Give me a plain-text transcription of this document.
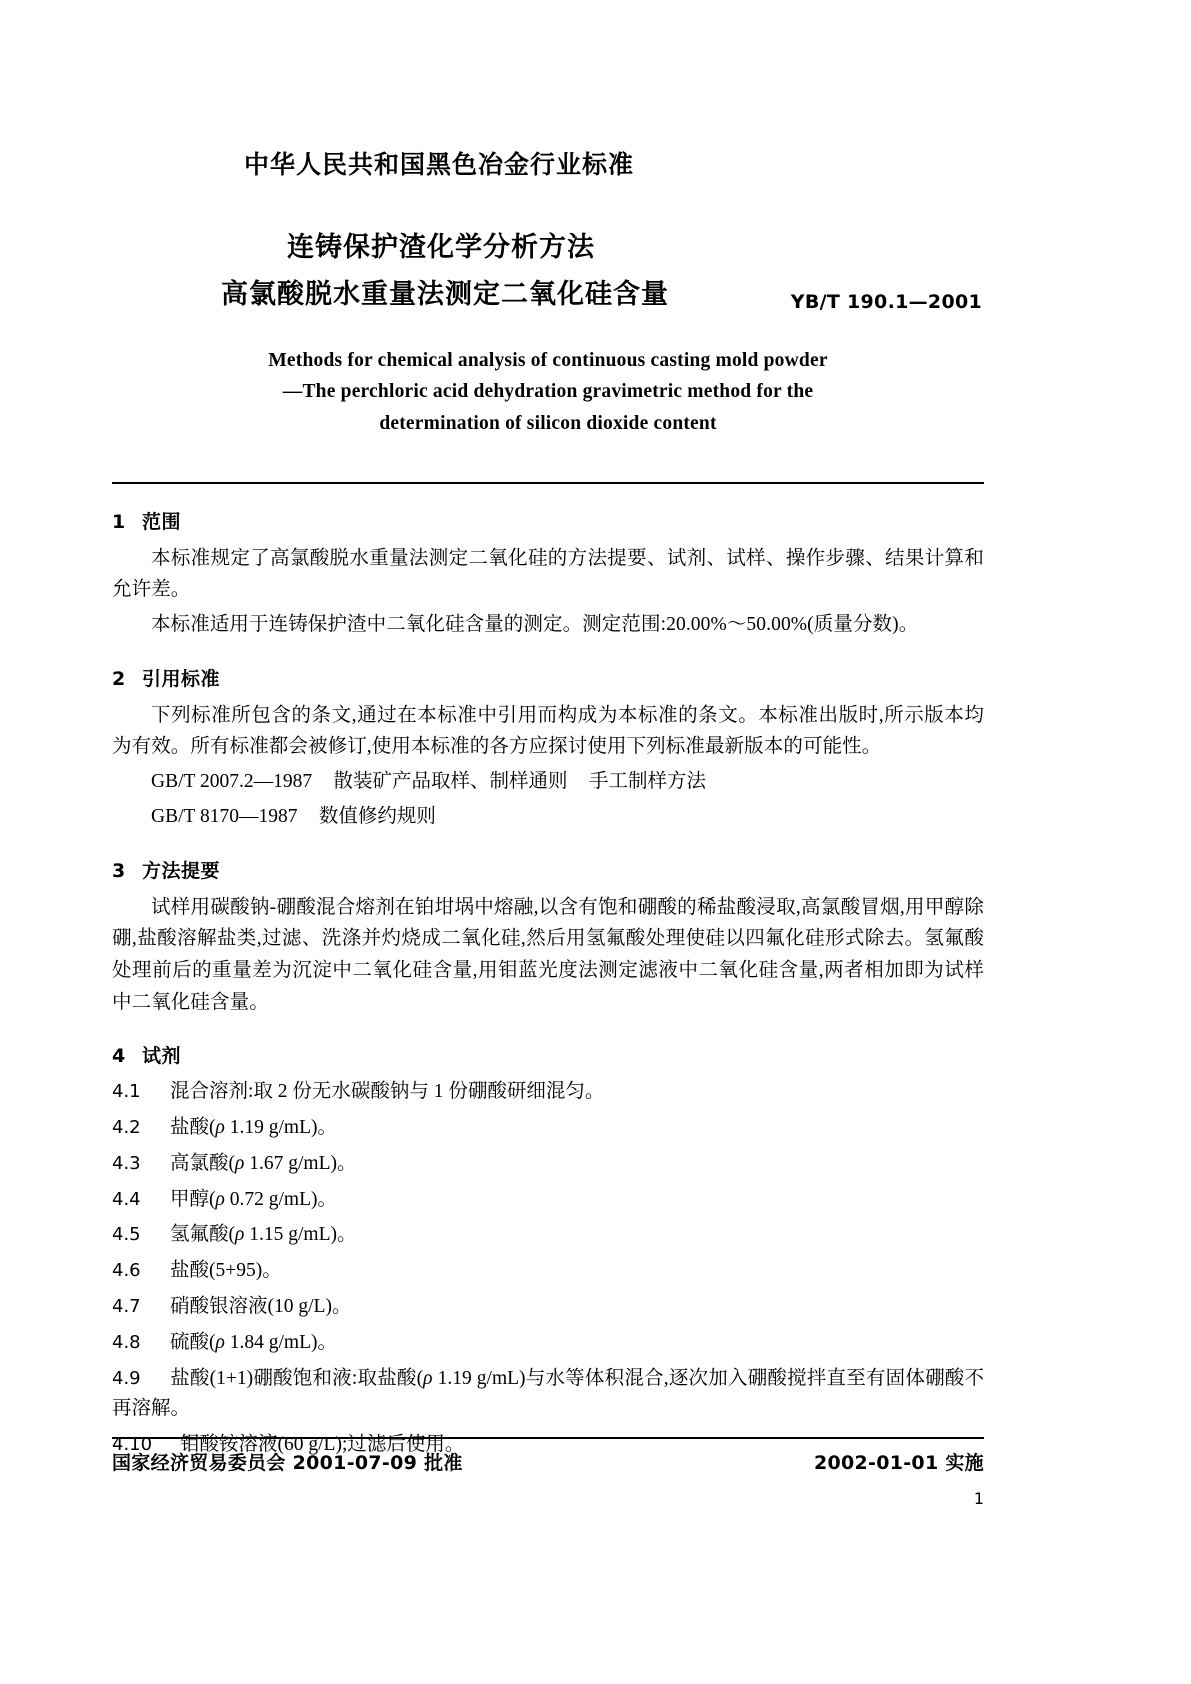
中华人民共和国黑色冶金行业标准
连铸保护渣化学分析方法
高氯酸脱水重量法测定二氧化硅含量	YB/T 190.1—2001
Methods for chemical analysis of continuous casting mold powder
—The perchloric acid dehydration gravimetric method for the
determination of silicon dioxide content
1 范围

本标准规定了高氯酸脱水重量法测定二氧化硅的方法提要、试剂、试样、操作步骤、结果计算和允许差。

本标准适用于连铸保护渣中二氧化硅含量的测定。测定范围:20.00%～50.00%(质量分数)。

2 引用标准

下列标准所包含的条文,通过在本标准中引用而构成为本标准的条文。本标准出版时,所示版本均为有效。所有标准都会被修订,使用本标准的各方应探讨使用下列标准最新版本的可能性。

GB/T 2007.2—1987 散装矿产品取样、制样通则 手工制样方法

GB/T 8170—1987 数值修约规则

3 方法提要

试样用碳酸钠-硼酸混合熔剂在铂坩埚中熔融,以含有饱和硼酸的稀盐酸浸取,高氯酸冒烟,用甲醇除硼,盐酸溶解盐类,过滤、洗涤并灼烧成二氧化硅,然后用氢氟酸处理使硅以四氟化硅形式除去。氢氟酸处理前后的重量差为沉淀中二氧化硅含量,用钼蓝光度法测定滤液中二氧化硅含量,两者相加即为试样中二氧化硅含量。

4 试剂

4.1 混合溶剂:取 2 份无水碳酸钠与 1 份硼酸研细混匀。

4.2 盐酸(ρ 1.19 g/mL)。

4.3 高氯酸(ρ 1.67 g/mL)。

4.4 甲醇(ρ 0.72 g/mL)。

4.5 氢氟酸(ρ 1.15 g/mL)。

4.6 盐酸(5+95)。

4.7 硝酸银溶液(10 g/L)。

4.8 硫酸(ρ 1.84 g/mL)。

4.9 盐酸(1+1)硼酸饱和液:取盐酸(ρ 1.19 g/mL)与水等体积混合,逐次加入硼酸搅拌直至有固体硼酸不再溶解。

4.10 钼酸铵溶液(60 g/L);过滤后使用。

国家经济贸易委员会 2001-07-09 批准	2002-01-01 实施
1
